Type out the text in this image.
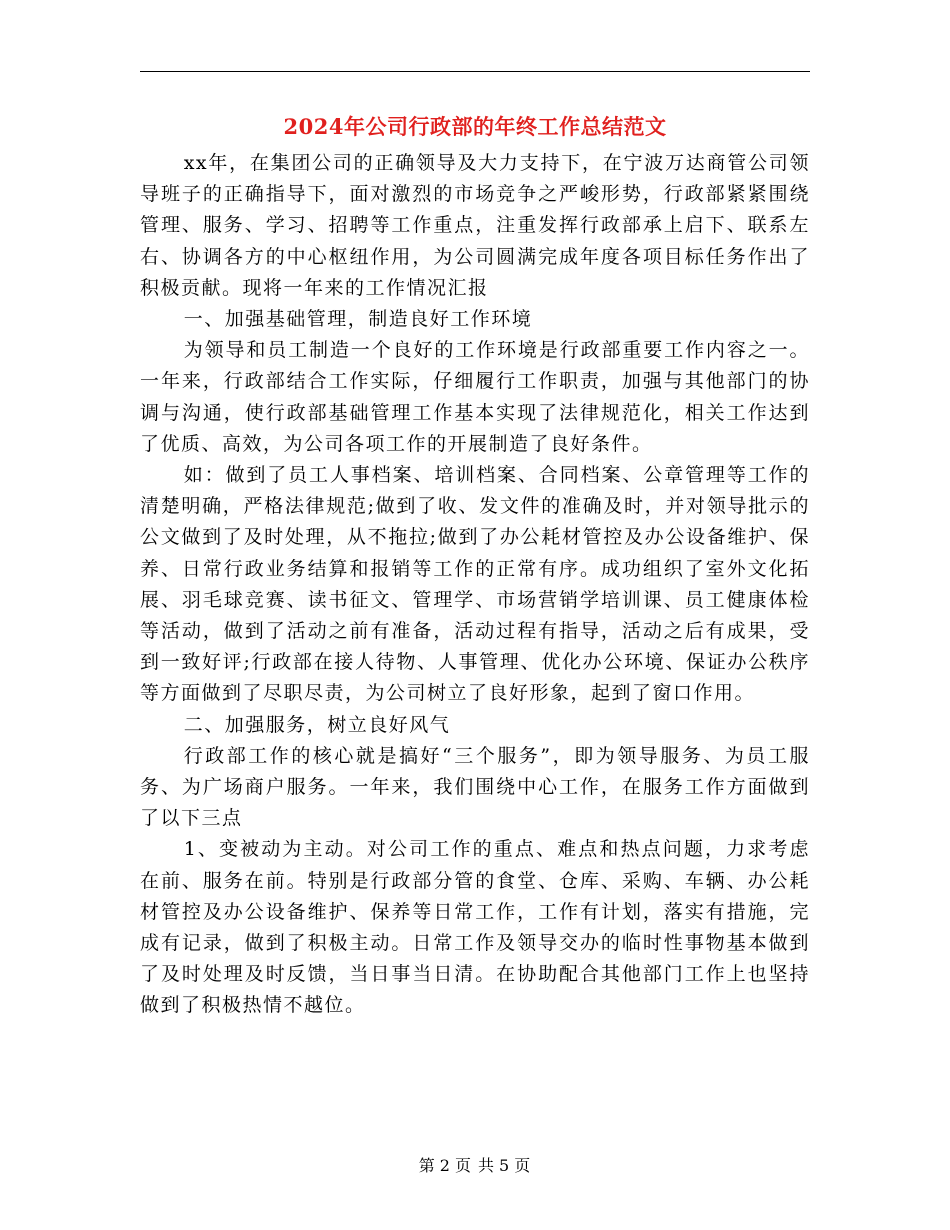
2024年公司行政部的年终工作总结范文

xx年，在集团公司的正确领导及大力支持下，在宁波万达商管公司领导班子的正确指导下，面对激烈的市场竞争之严峻形势，行政部紧紧围绕管理、服务、学习、招聘等工作重点，注重发挥行政部承上启下、联系左右、协调各方的中心枢纽作用，为公司圆满完成年度各项目标任务作出了积极贡献。现将一年来的工作情况汇报

一、加强基础管理，制造良好工作环境

为领导和员工制造一个良好的工作环境是行政部重要工作内容之一。一年来，行政部结合工作实际，仔细履行工作职责，加强与其他部门的协调与沟通，使行政部基础管理工作基本实现了法律规范化，相关工作达到了优质、高效，为公司各项工作的开展制造了良好条件。

如：做到了员工人事档案、培训档案、合同档案、公章管理等工作的清楚明确，严格法律规范;做到了收、发文件的准确及时，并对领导批示的公文做到了及时处理，从不拖拉;做到了办公耗材管控及办公设备维护、保养、日常行政业务结算和报销等工作的正常有序。成功组织了室外文化拓展、羽毛球竞赛、读书征文、管理学、市场营销学培训课、员工健康体检等活动，做到了活动之前有准备，活动过程有指导，活动之后有成果，受到一致好评;行政部在接人待物、人事管理、优化办公环境、保证办公秩序等方面做到了尽职尽责，为公司树立了良好形象，起到了窗口作用。

二、加强服务，树立良好风气

行政部工作的核心就是搞好“三个服务”，即为领导服务、为员工服务、为广场商户服务。一年来，我们围绕中心工作，在服务工作方面做到了以下三点

1、变被动为主动。对公司工作的重点、难点和热点问题，力求考虑在前、服务在前。特别是行政部分管的食堂、仓库、采购、车辆、办公耗材管控及办公设备维护、保养等日常工作，工作有计划，落实有措施，完成有记录，做到了积极主动。日常工作及领导交办的临时性事物基本做到了及时处理及时反馈，当日事当日清。在协助配合其他部门工作上也坚持做到了积极热情不越位。

第 2 页 共 5 页
